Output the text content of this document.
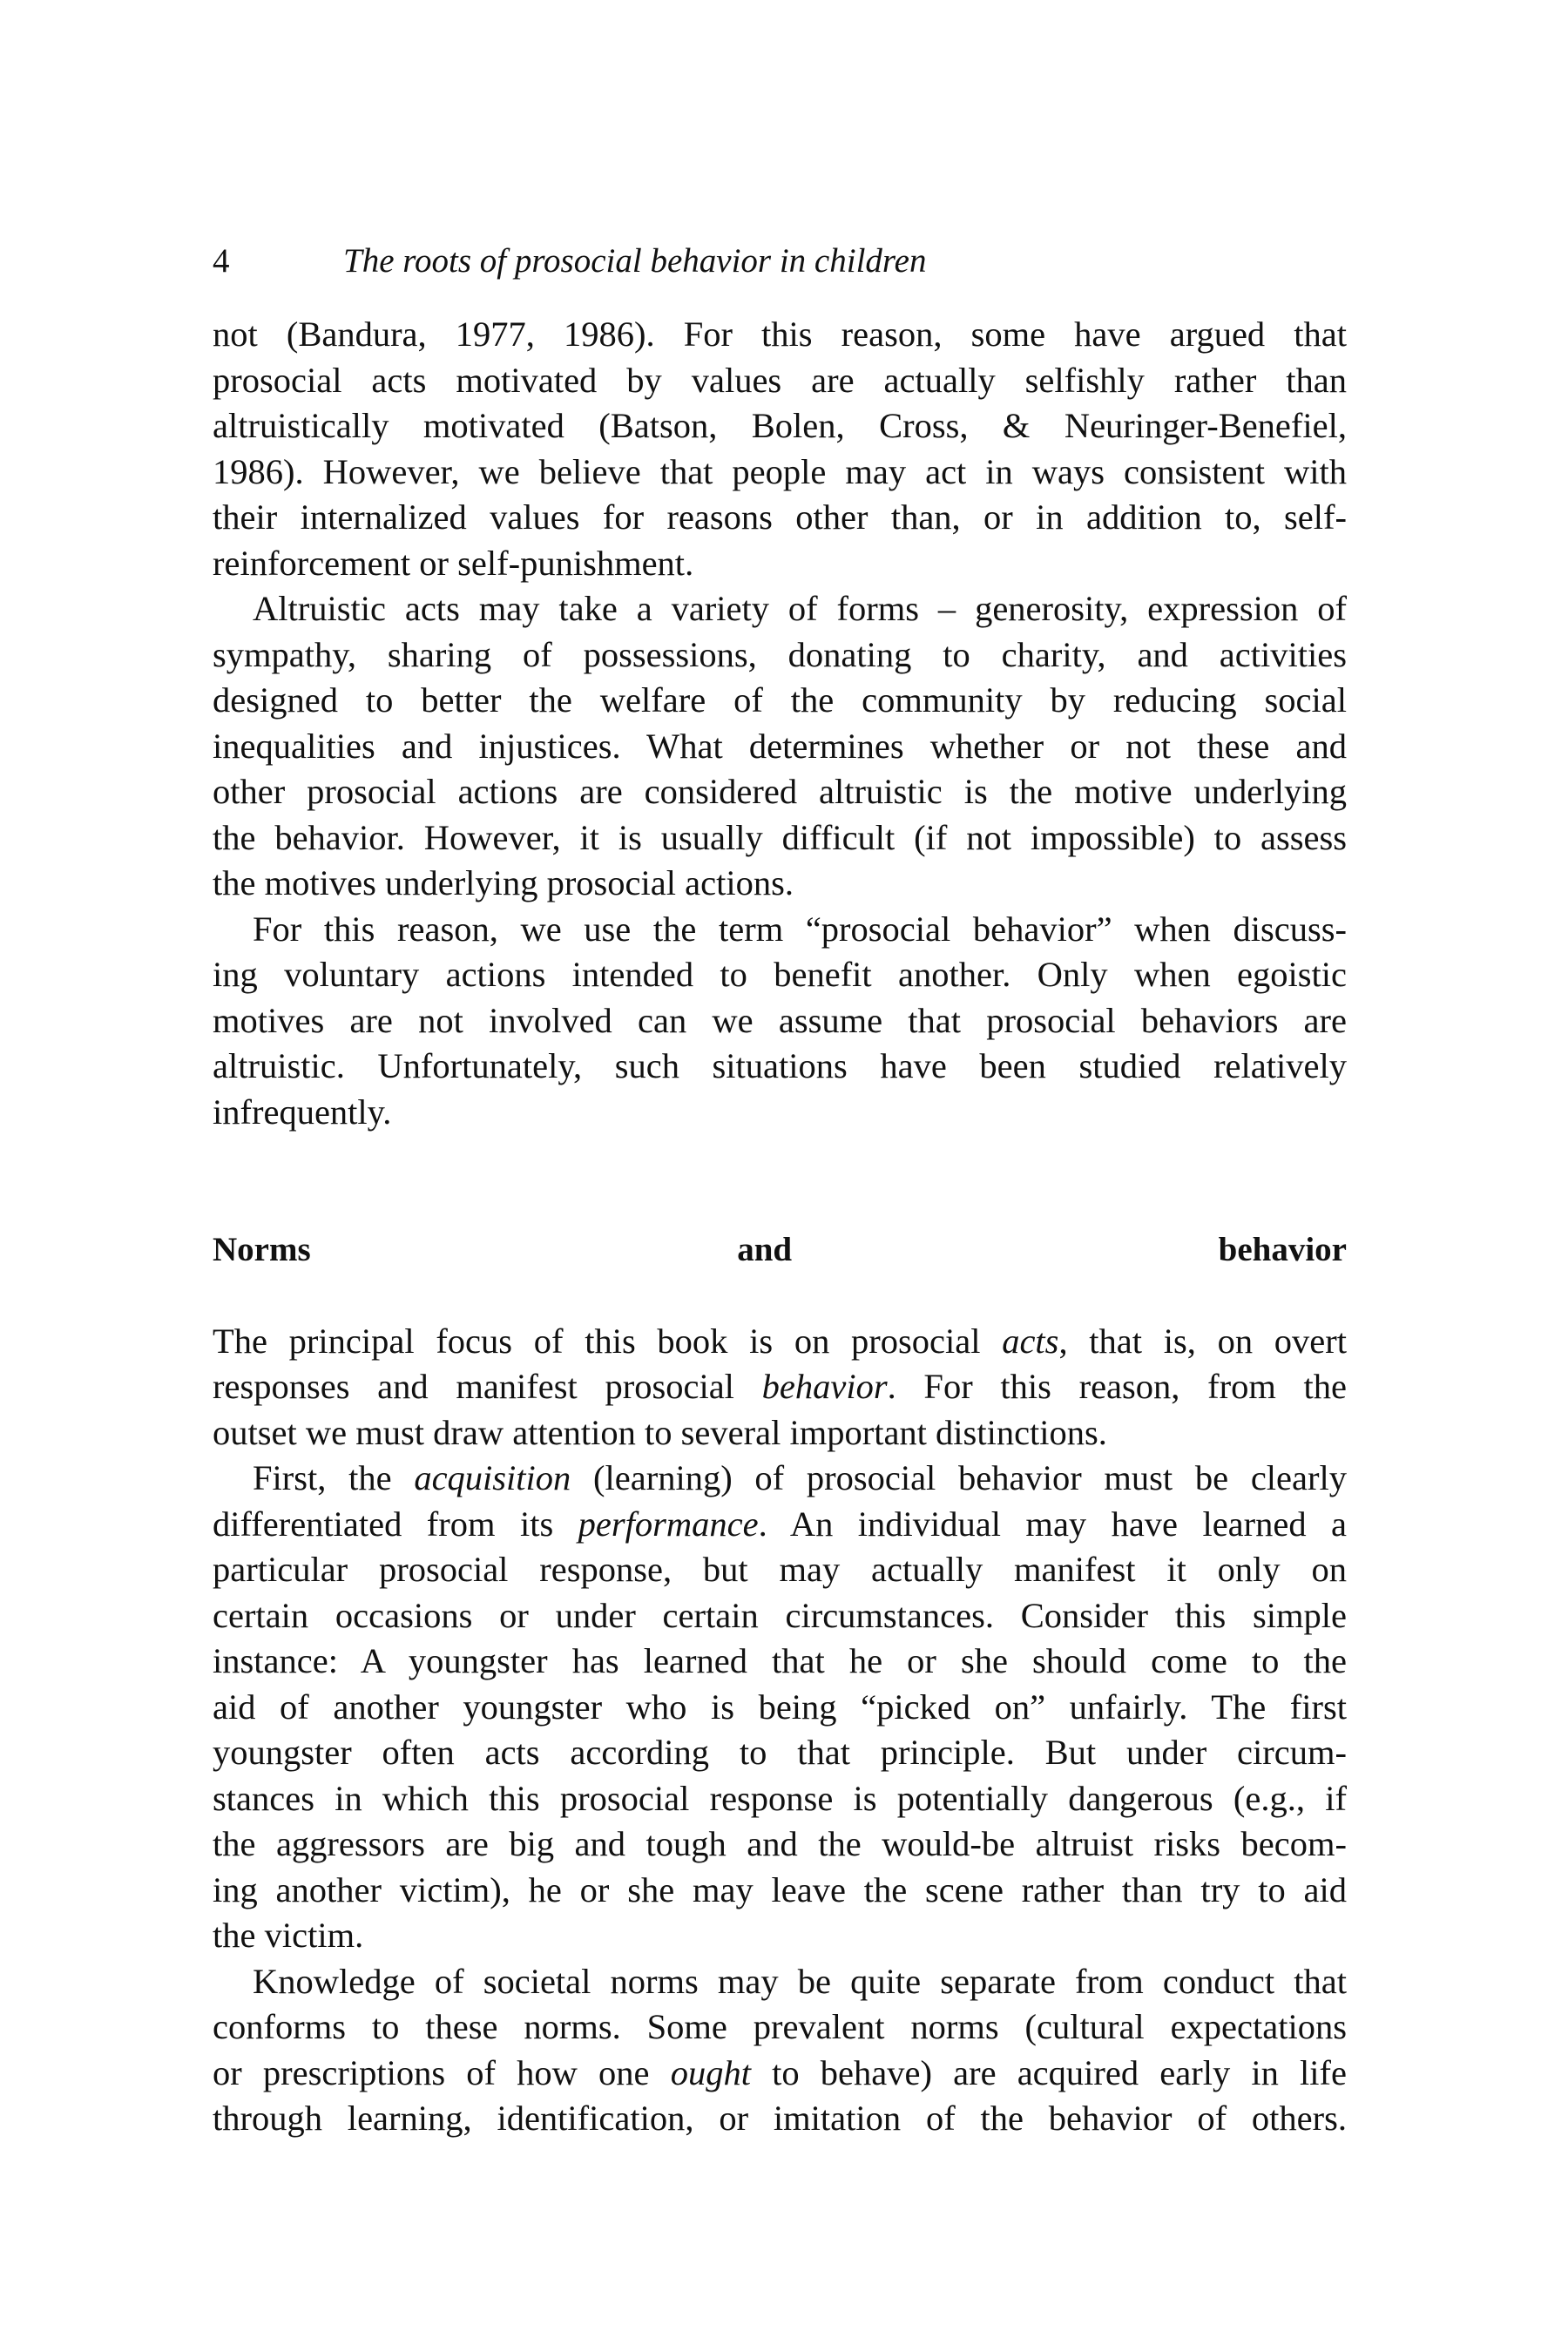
4	The roots of prosocial behavior in children
not (Bandura, 1977, 1986). For this reason, some have argued that
prosocial acts motivated by values are actually selfishly rather than
altruistically motivated (Batson, Bolen, Cross, & Neuringer-Benefiel,
1986). However, we believe that people may act in ways consistent with
their internalized values for reasons other than, or in addition to, self-
reinforcement or self-punishment.
Altruistic acts may take a variety of forms – generosity, expression of
sympathy, sharing of possessions, donating to charity, and activities
designed to better the welfare of the community by reducing social
inequalities and injustices. What determines whether or not these and
other prosocial actions are considered altruistic is the motive underlying
the behavior. However, it is usually difficult (if not impossible) to assess
the motives underlying prosocial actions.
For this reason, we use the term “prosocial behavior” when discuss-
ing voluntary actions intended to benefit another. Only when egoistic
motives are not involved can we assume that prosocial behaviors are
altruistic. Unfortunately, such situations have been studied relatively
infrequently.
Norms and behavior
The principal focus of this book is on prosocial acts, that is, on overt
responses and manifest prosocial behavior. For this reason, from the
outset we must draw attention to several important distinctions.
First, the acquisition (learning) of prosocial behavior must be clearly
differentiated from its performance. An individual may have learned a
particular prosocial response, but may actually manifest it only on
certain occasions or under certain circumstances. Consider this simple
instance: A youngster has learned that he or she should come to the
aid of another youngster who is being “picked on” unfairly. The first
youngster often acts according to that principle. But under circum-
stances in which this prosocial response is potentially dangerous (e.g., if
the aggressors are big and tough and the would-be altruist risks becom-
ing another victim), he or she may leave the scene rather than try to aid
the victim.
Knowledge of societal norms may be quite separate from conduct that
conforms to these norms. Some prevalent norms (cultural expectations
or prescriptions of how one ought to behave) are acquired early in life
through learning, identification, or imitation of the behavior of others.
